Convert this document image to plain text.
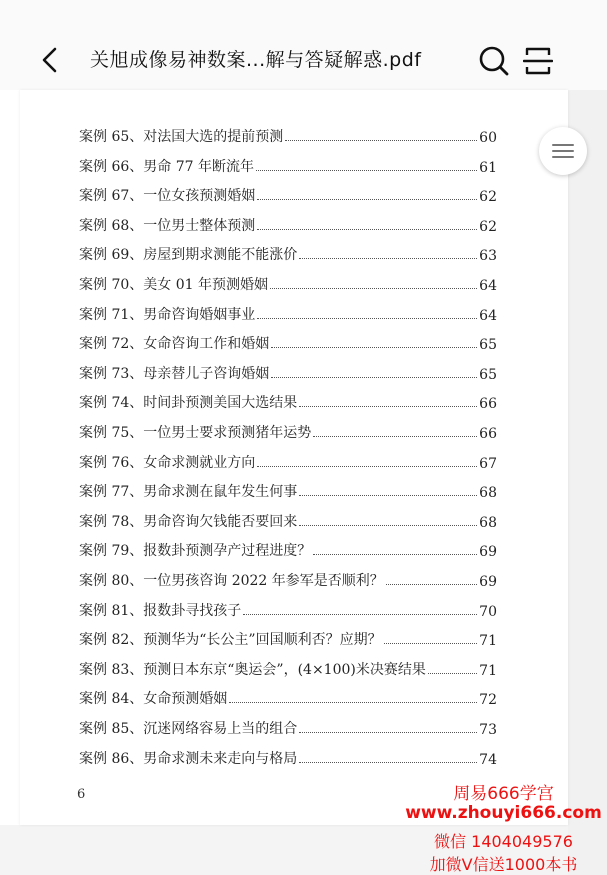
关旭成像易神数案...解与答疑解惑.pdf
案例 65、对法国大选的提前预测	60
案例 66、男命 77 年断流年	61
案例 67、一位女孩预测婚姻	62
案例 68、一位男士整体预测	62
案例 69、房屋到期求测能不能涨价	63
案例 70、美女 01 年预测婚姻	64
案例 71、男命咨询婚姻事业	64
案例 72、女命咨询工作和婚姻	65
案例 73、母亲替儿子咨询婚姻	65
案例 74、时间卦预测美国大选结果	66
案例 75、一位男士要求预测猪年运势	66
案例 76、女命求测就业方向	67
案例 77、男命求测在鼠年发生何事	68
案例 78、男命咨询欠钱能否要回来	68
案例 79、报数卦预测孕产过程进度？	69
案例 80、一位男孩咨询 2022 年参军是否顺利？	69
案例 81、报数卦寻找孩子	70
案例 82、预测华为“长公主”回国顺利否？应期？	71
案例 83、预测日本东京“奥运会”，(4×100)米决赛结果	71
案例 84、女命预测婚姻	72
案例 85、沉迷网络容易上当的组合	73
案例 86、男命求测未来走向与格局	74
6	周易666学宫
www.zhouyi666.com
微信 1404049576
加微V信送1000本书
